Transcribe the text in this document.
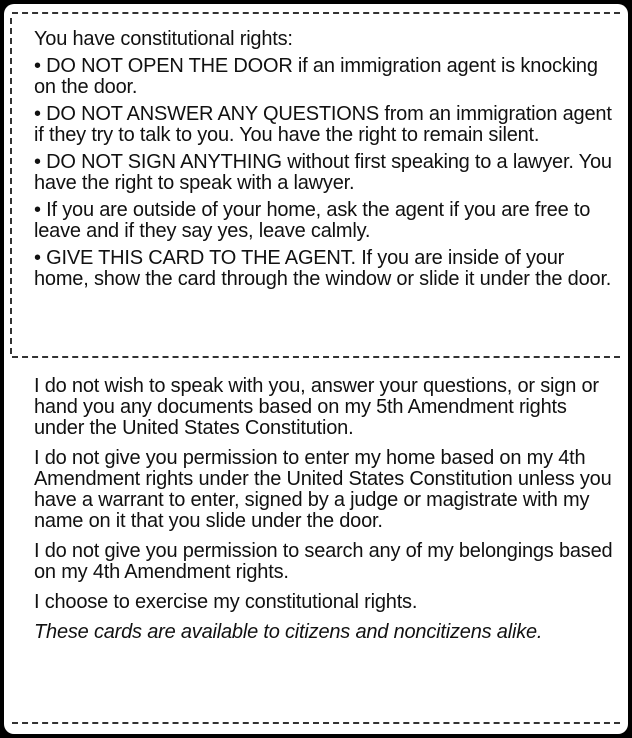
You have constitutional rights:

• DO NOT OPEN THE DOOR if an immigration agent is knocking on the door.

• DO NOT ANSWER ANY QUESTIONS from an immigration agent if they try to talk to you. You have the right to remain silent.

• DO NOT SIGN ANYTHING without first speaking to a lawyer. You have the right to speak with a lawyer.

• If you are outside of your home, ask the agent if you are free to leave and if they say yes, leave calmly.

• GIVE THIS CARD TO THE AGENT. If you are inside of your home, show the card through the window or slide it under the door.

I do not wish to speak with you, answer your questions, or sign or hand you any documents based on my 5th Amendment rights under the United States Constitution.

I do not give you permission to enter my home based on my 4th Amendment rights under the United States Constitution unless you have a warrant to enter, signed by a judge or magistrate with my name on it that you slide under the door.

I do not give you permission to search any of my belongings based on my 4th Amendment rights.

I choose to exercise my constitutional rights.

These cards are available to citizens and noncitizens alike.
